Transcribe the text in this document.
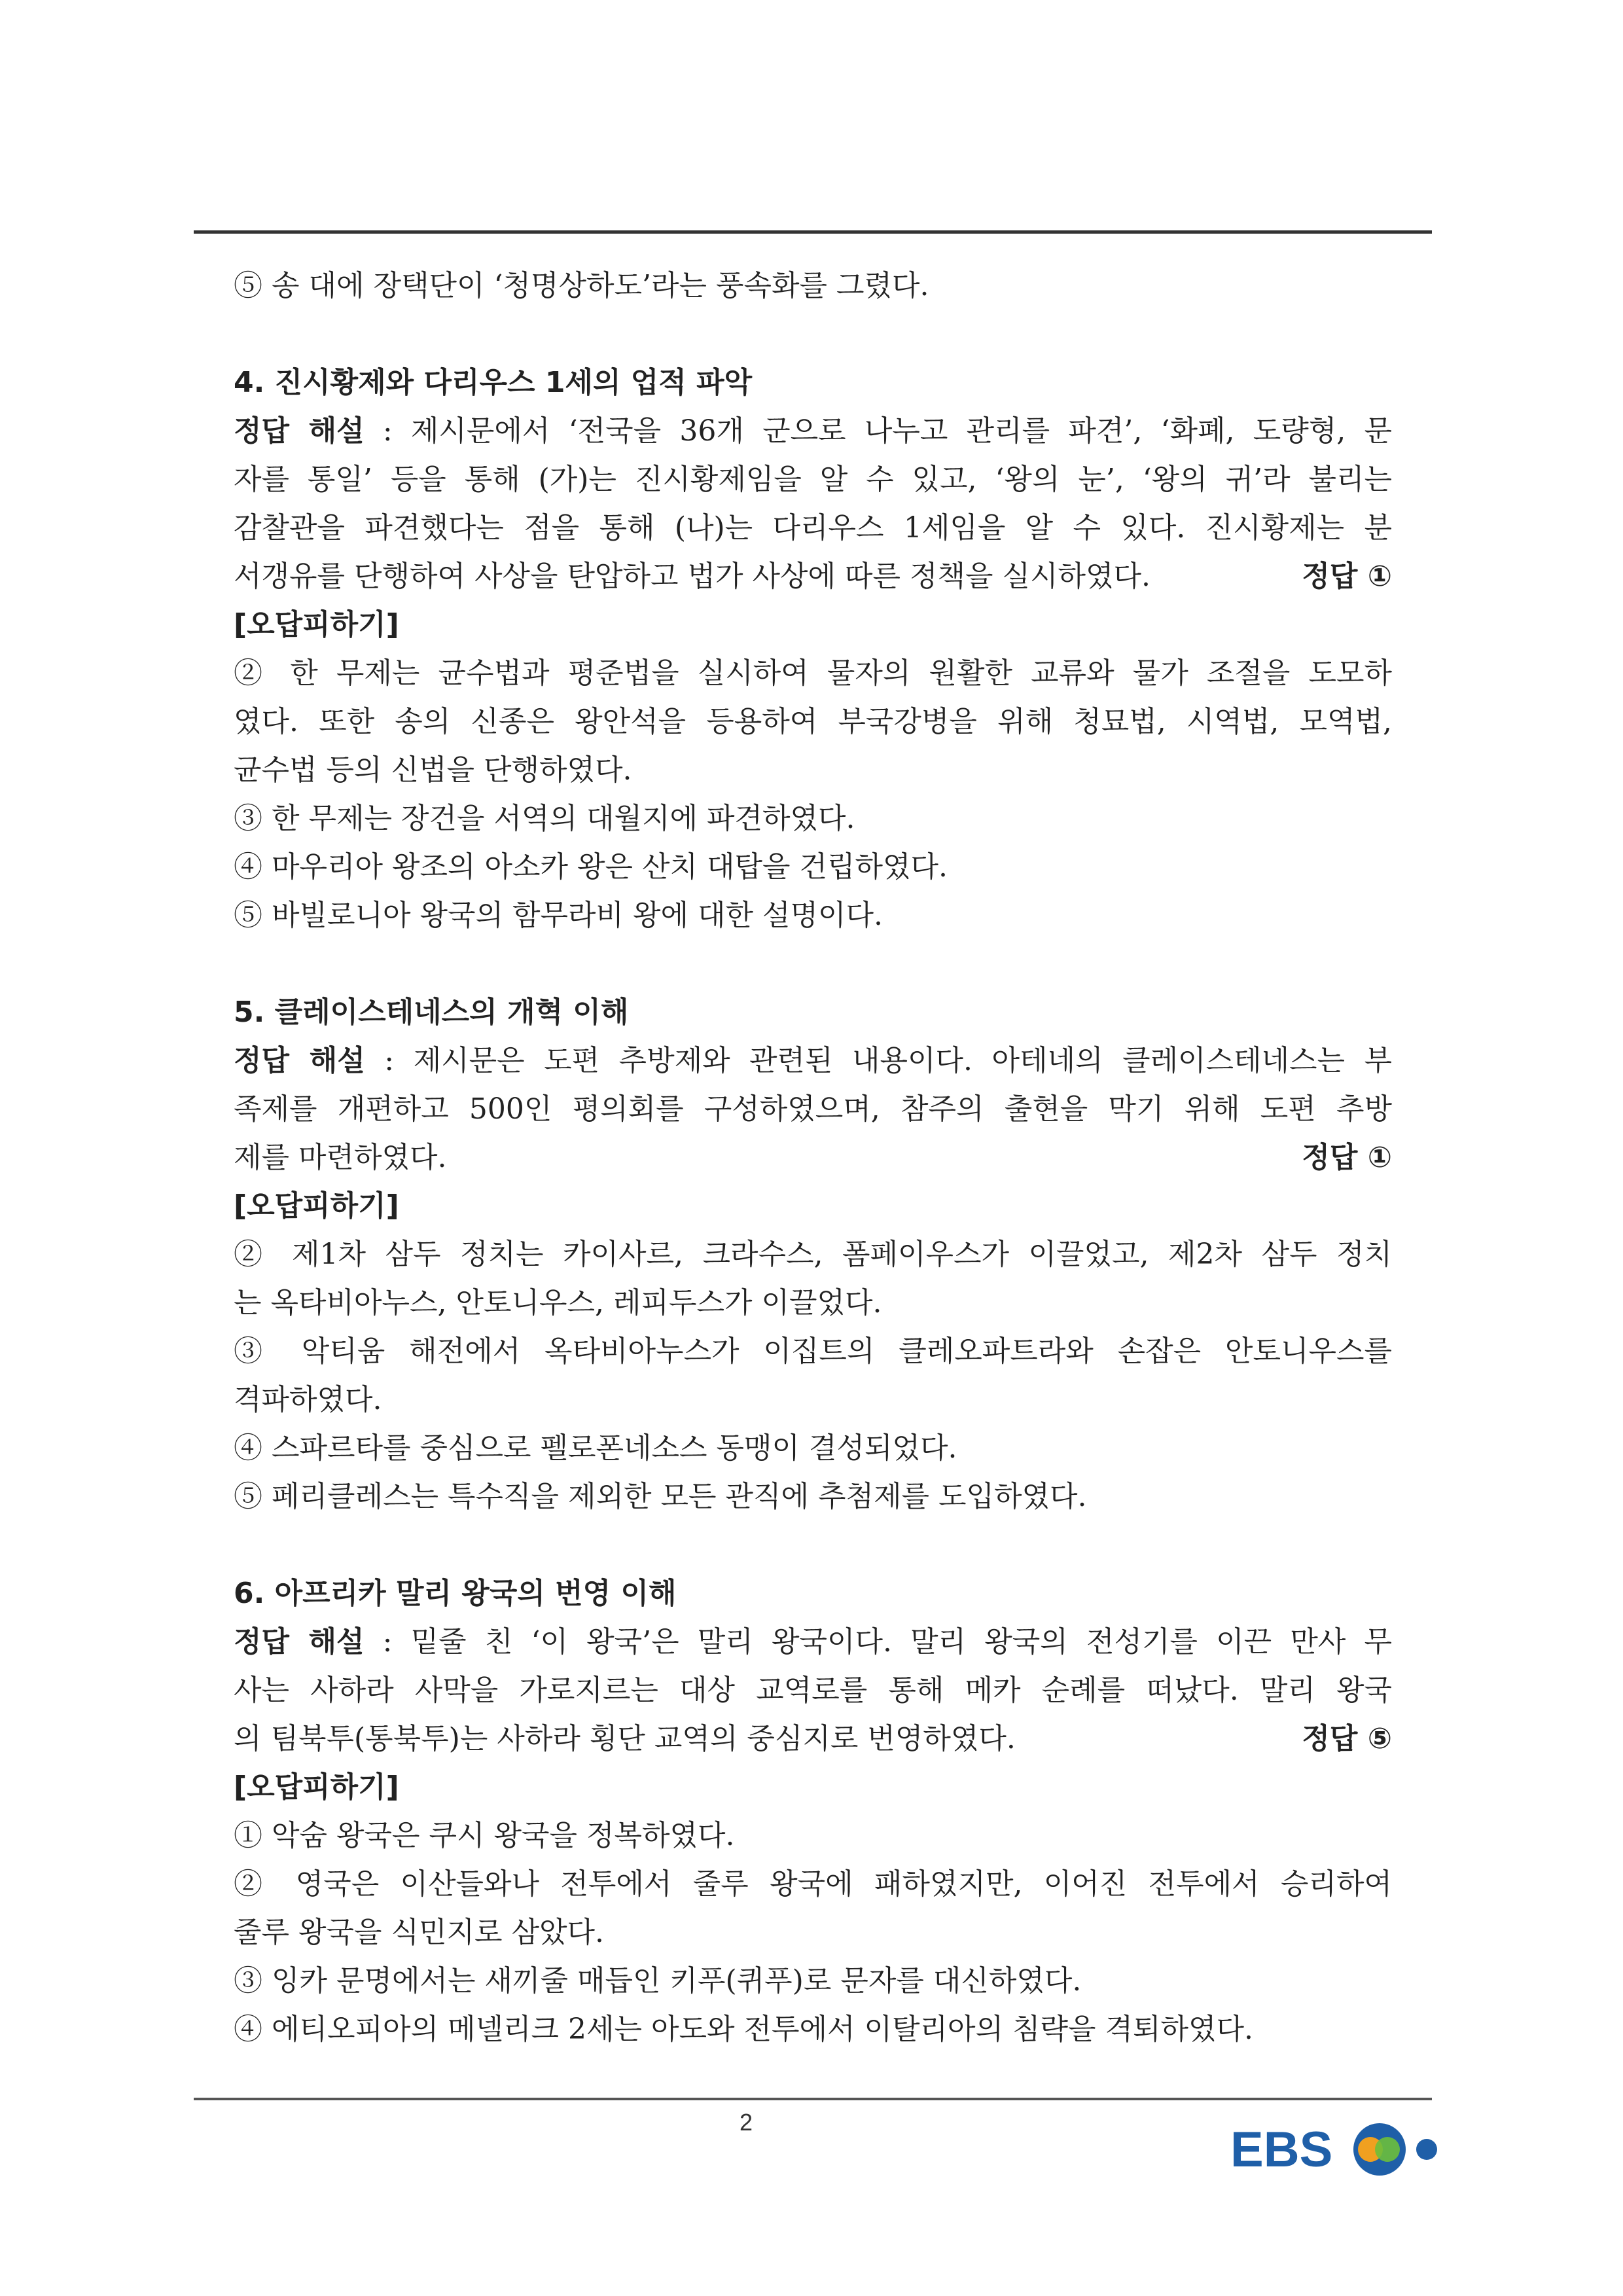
⑤ 송 대에 장택단이 ‘청명상하도’라는 풍속화를 그렸다.
4. 진시황제와 다리우스 1세의 업적 파악
정답 해설 : 제시문에서 ‘전국을 36개 군으로 나누고 관리를 파견’, ‘화폐, 도량형, 문
자를 통일’ 등을 통해 (가)는 진시황제임을 알 수 있고, ‘왕의 눈’, ‘왕의 귀’라 불리는
감찰관을 파견했다는 점을 통해 (나)는 다리우스 1세임을 알 수 있다. 진시황제는 분
서갱유를 단행하여 사상을 탄압하고 법가 사상에 따른 정책을 실시하였다.	정답 ①
[오답피하기]
② 한 무제는 균수법과 평준법을 실시하여 물자의 원활한 교류와 물가 조절을 도모하
였다. 또한 송의 신종은 왕안석을 등용하여 부국강병을 위해 청묘법, 시역법, 모역법,
균수법 등의 신법을 단행하였다.
③ 한 무제는 장건을 서역의 대월지에 파견하였다.
④ 마우리아 왕조의 아소카 왕은 산치 대탑을 건립하였다.
⑤ 바빌로니아 왕국의 함무라비 왕에 대한 설명이다.
5. 클레이스테네스의 개혁 이해
정답 해설 : 제시문은 도편 추방제와 관련된 내용이다. 아테네의 클레이스테네스는 부
족제를 개편하고 500인 평의회를 구성하였으며, 참주의 출현을 막기 위해 도편 추방
제를 마련하였다.	정답 ①
[오답피하기]
② 제1차 삼두 정치는 카이사르, 크라수스, 폼페이우스가 이끌었고, 제2차 삼두 정치
는 옥타비아누스, 안토니우스, 레피두스가 이끌었다.
③ 악티움 해전에서 옥타비아누스가 이집트의 클레오파트라와 손잡은 안토니우스를
격파하였다.
④ 스파르타를 중심으로 펠로폰네소스 동맹이 결성되었다.
⑤ 페리클레스는 특수직을 제외한 모든 관직에 추첨제를 도입하였다.
6. 아프리카 말리 왕국의 번영 이해
정답 해설 : 밑줄 친 ‘이 왕국’은 말리 왕국이다. 말리 왕국의 전성기를 이끈 만사 무
사는 사하라 사막을 가로지르는 대상 교역로를 통해 메카 순례를 떠났다. 말리 왕국
의 팀북투(통북투)는 사하라 횡단 교역의 중심지로 번영하였다.	정답 ⑤
[오답피하기]
① 악숨 왕국은 쿠시 왕국을 정복하였다.
② 영국은 이산들와나 전투에서 줄루 왕국에 패하였지만, 이어진 전투에서 승리하여
줄루 왕국을 식민지로 삼았다.
③ 잉카 문명에서는 새끼줄 매듭인 키푸(퀴푸)로 문자를 대신하였다.
④ 에티오피아의 메넬리크 2세는 아도와 전투에서 이탈리아의 침략을 격퇴하였다.
2	EBS
